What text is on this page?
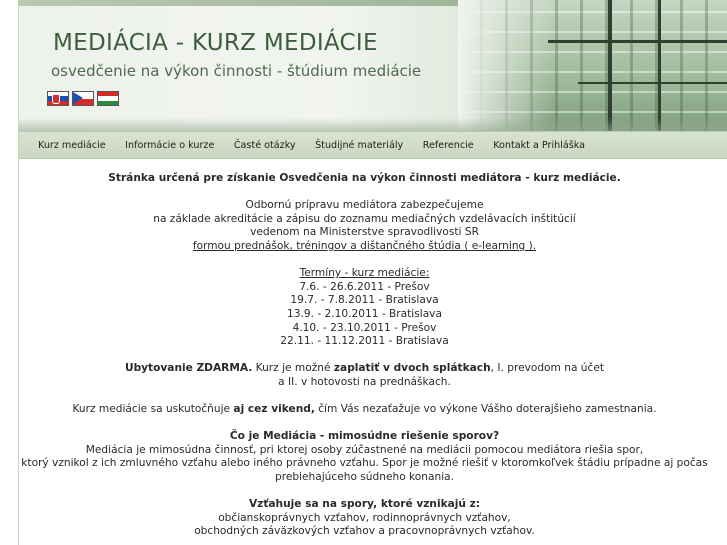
MEDIÁCIA - KURZ MEDIÁCIE
osvedčenie na výkon činnosti - štúdium mediácie
Kurz mediácie Informácie o kurze Časté otázky Študijné materiály Referencie Kontakt a Prihláška

Stránka určená pre získanie Osvedčenia na výkon činnosti mediátora - kurz mediácie.

Odbornú prípravu mediátora zabezpečujeme

na základe akreditácie a zápisu do zoznamu mediačných vzdelávacích inštitúcií

vedenom na Ministerstve spravodlivosti SR

formou prednášok, tréningov a dištančného štúdia ( e-learning ).

Termíny - kurz mediácie:

7.6. - 26.6.2011 - Prešov

19.7. - 7.8.2011 - Bratislava

13.9. - 2.10.2011 - Bratislava

4.10. - 23.10.2011 - Prešov

22.11. - 11.12.2011 - Bratislava

Ubytovanie ZDARMA. Kurz je možné zaplatiť v dvoch splátkach, I. prevodom na účet

a II. v hotovosti na prednáškach.

Kurz mediácie sa uskutočňuje aj cez vikend, čím Vás nezaťažuje vo výkone Vášho doterajšieho zamestnania.

Čo je Mediácia - mimosúdne riešenie sporov?

Mediácia je mimosúdna činnosť, pri ktorej osoby zúčastnené na mediácii pomocou mediátora riešia spor,

ktorý vznikol z ich zmluvného vzťahu alebo iného právneho vzťahu. Spor je možné riešiť v ktoromkoľvek štádiu prípadne aj počas

prebiehajúceho súdneho konania.

Vzťahuje sa na spory, ktoré vznikajú z:

občianskoprávnych vzťahov, rodinnoprávnych vzťahov,

obchodných záväzkových vzťahov a pracovnoprávnych vzťahov.
